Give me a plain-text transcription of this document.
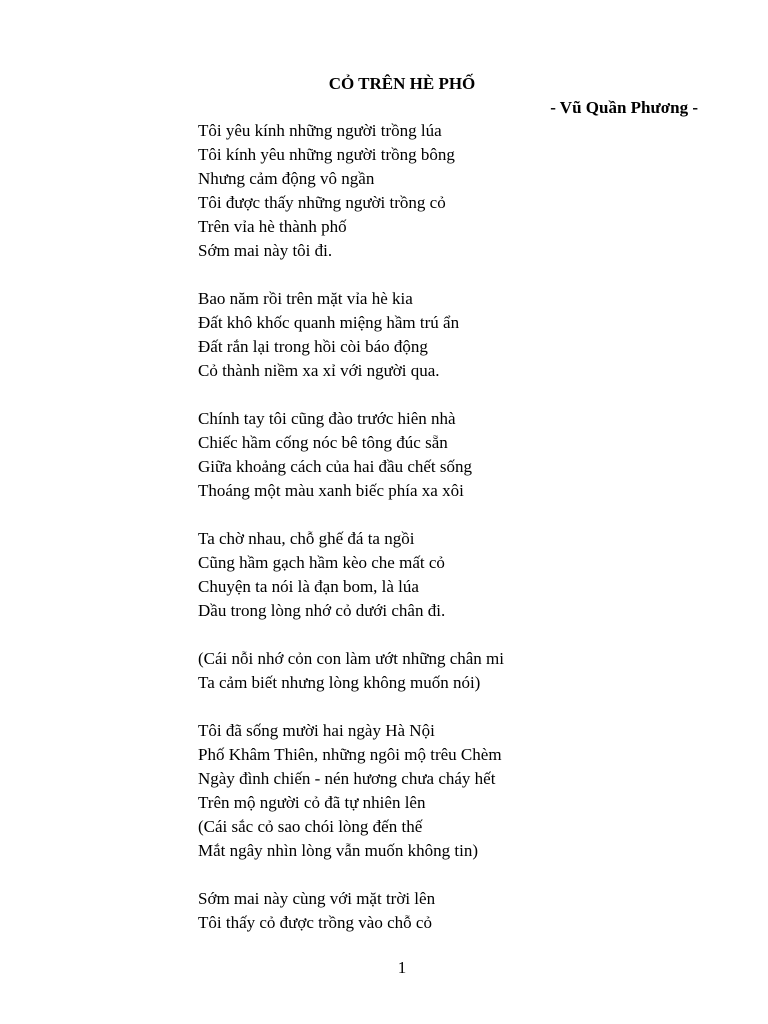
CỎ TRÊN HÈ PHỐ
- Vũ Quần Phương -
Tôi yêu kính những người trồng lúa
Tôi kính yêu những người trồng bông
Nhưng cảm động vô ngần
Tôi được thấy những người trồng cỏ
Trên vỉa hè thành phố
Sớm mai này tôi đi.
Bao năm rồi trên mặt vỉa hè kia
Đất khô khốc quanh miệng hầm trú ẩn
Đất rắn lại trong hồi còi báo động
Cỏ thành niềm xa xỉ với người qua.
Chính tay tôi cũng đào trước hiên nhà
Chiếc hầm cống nóc bê tông đúc sẵn
Giữa khoảng cách của hai đầu chết sống
Thoáng một màu xanh biếc phía xa xôi
Ta chờ nhau, chỗ ghế đá ta ngồi
Cũng hầm gạch hầm kèo che mất cỏ
Chuyện ta nói là đạn bom, là lúa
Dầu trong lòng nhớ cỏ dưới chân đi.
(Cái nỗi nhớ cỏn con làm ướt những chân mi
Ta cảm biết nhưng lòng không muốn nói)
Tôi đã sống mười hai ngày Hà Nội
Phố Khâm Thiên, những ngôi mộ trêu Chèm
Ngày đình chiến - nén hương chưa cháy hết
Trên mộ người cỏ đã tự nhiên lên
(Cái sắc cỏ sao chói lòng đến thế
Mắt ngây nhìn lòng vẫn muốn không tin)
Sớm mai này cùng với mặt trời lên
Tôi thấy cỏ được trồng vào chỗ cỏ
1
